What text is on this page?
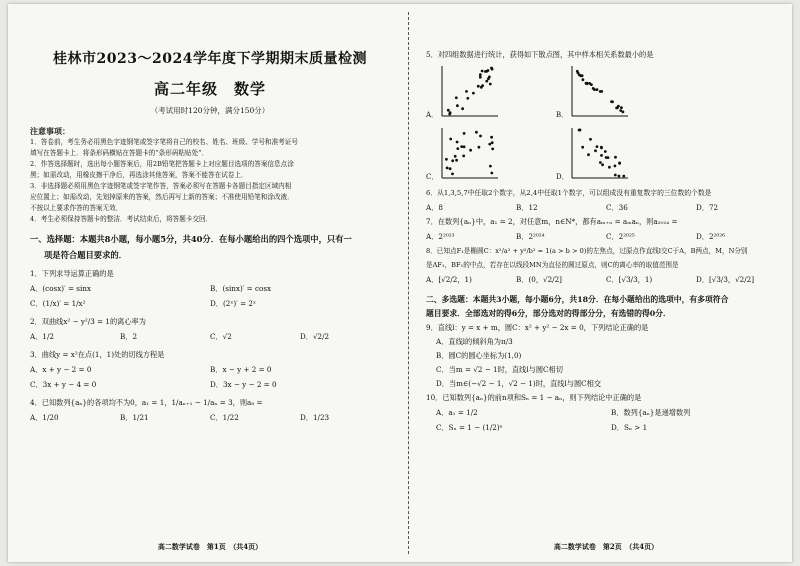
桂林市2023～2024学年度下学期期末质量检测
高二年级　数学
（考试用时120分钟，满分150分）
注意事项：
1．答卷前，考生务必用黑色字迹钢笔或签字笔将自己的校名、姓名、班级、学号和准考证号
填写在答题卡上．将条形码横贴在答题卡的“条形码粘贴处”．
2．作答选择题时，选出每小题答案后，用2B铅笔把答题卡上对应题目选项的答案信息点涂
黑；如需改动，用橡皮擦干净后，再选涂其他答案，答案不能答在试卷上．
3．非选择题必须用黑色字迹钢笔或签字笔作答，答案必须写在答题卡各题目指定区域内相
应位置上；如需改动，先划掉原来的答案，然后再写上新的答案；不准使用铅笔和涂改液．
不按以上要求作答的答案无效．
4．考生必须保持答题卡的整洁．考试结束后，将答题卡交回．
一、选择题：本题共8小题，每小题5分，共40分．在每小题给出的四个选项中，只有一
项是符合题目要求的．
1．下列求导运算正确的是
A．(cosx)′ = sinx	B．(sinx)′ = cosx
C．(1/x)′ = 1/x²	D．(2ˣ)′ = 2ˣ
2．双曲线x² − y²/3 = 1的离心率为
A．1/2	B．2	C．√2	D．√2/2
3．曲线y = x²在点(1，1)处的切线方程是
A．x + y − 2 = 0	B．x − y + 2 = 0
C．3x + y − 4 = 0	D．3x − y − 2 = 0
4．已知数列{aₙ}的各项均不为0，a₁ = 1，1/aₙ₊₁ − 1/aₙ = 3，则a₈ =
A．1/20	B．1/21	C．1/22	D．1/23
高二数学试卷　第1页　（共4页）
5．对四组数据进行统计，获得如下散点图，其中样本相关系数最小的是
A．	B．
C．	D．
6．从1,3,5,7中任取2个数字，从2,4中任取1个数字，可以组成没有重复数字的三位数的个数是
A．8	B．12	C．36	D．72
7．在数列{aₙ}中，a₁ = 2，对任意m，n∈N*，都有aₘ₊ₙ = aₘaₙ，则a₂₀₂₄ =
A．2²⁰²³	B．2²⁰²⁴	C．2²⁰²⁵	D．2²⁰²⁶
8．已知点F₁是椭圆C：x²/a² + y²/b² = 1(a > b > 0)的左焦点，过原点作直线l交C于A，B两点，M，N分别
是AF₁，BF₁的中点，若存在以线段MN为直径的圆过原点，则C的离心率的取值范围是
A．[√2/2，1)	B．(0，√2/2]	C．[√3/3，1)	D．[√3/3，√2/2]
二、多选题：本题共3小题，每小题6分，共18分．在每小题给出的选项中，有多项符合
题目要求．全部选对的得6分，部分选对的得部分分，有选错的得0分．
9．直线l：y = x + m，圆C：x² + y² − 2x = 0，下列结论正确的是
A．直线l的倾斜角为π/3
B．圆C的圆心坐标为(1,0)
C．当m = √2 − 1时，直线l与圆C相切
D．当m∈(−√2 − 1，√2 − 1)时，直线l与圆C相交
10．已知数列{aₙ}的前n项和Sₙ = 1 − aₙ，则下列结论中正确的是
A．a₁ = 1/2	B．数列{aₙ}是递增数列
C．Sₙ = 1 − (1/2)ⁿ	D．Sₙ > 1
高二数学试卷　第2页　（共4页）
